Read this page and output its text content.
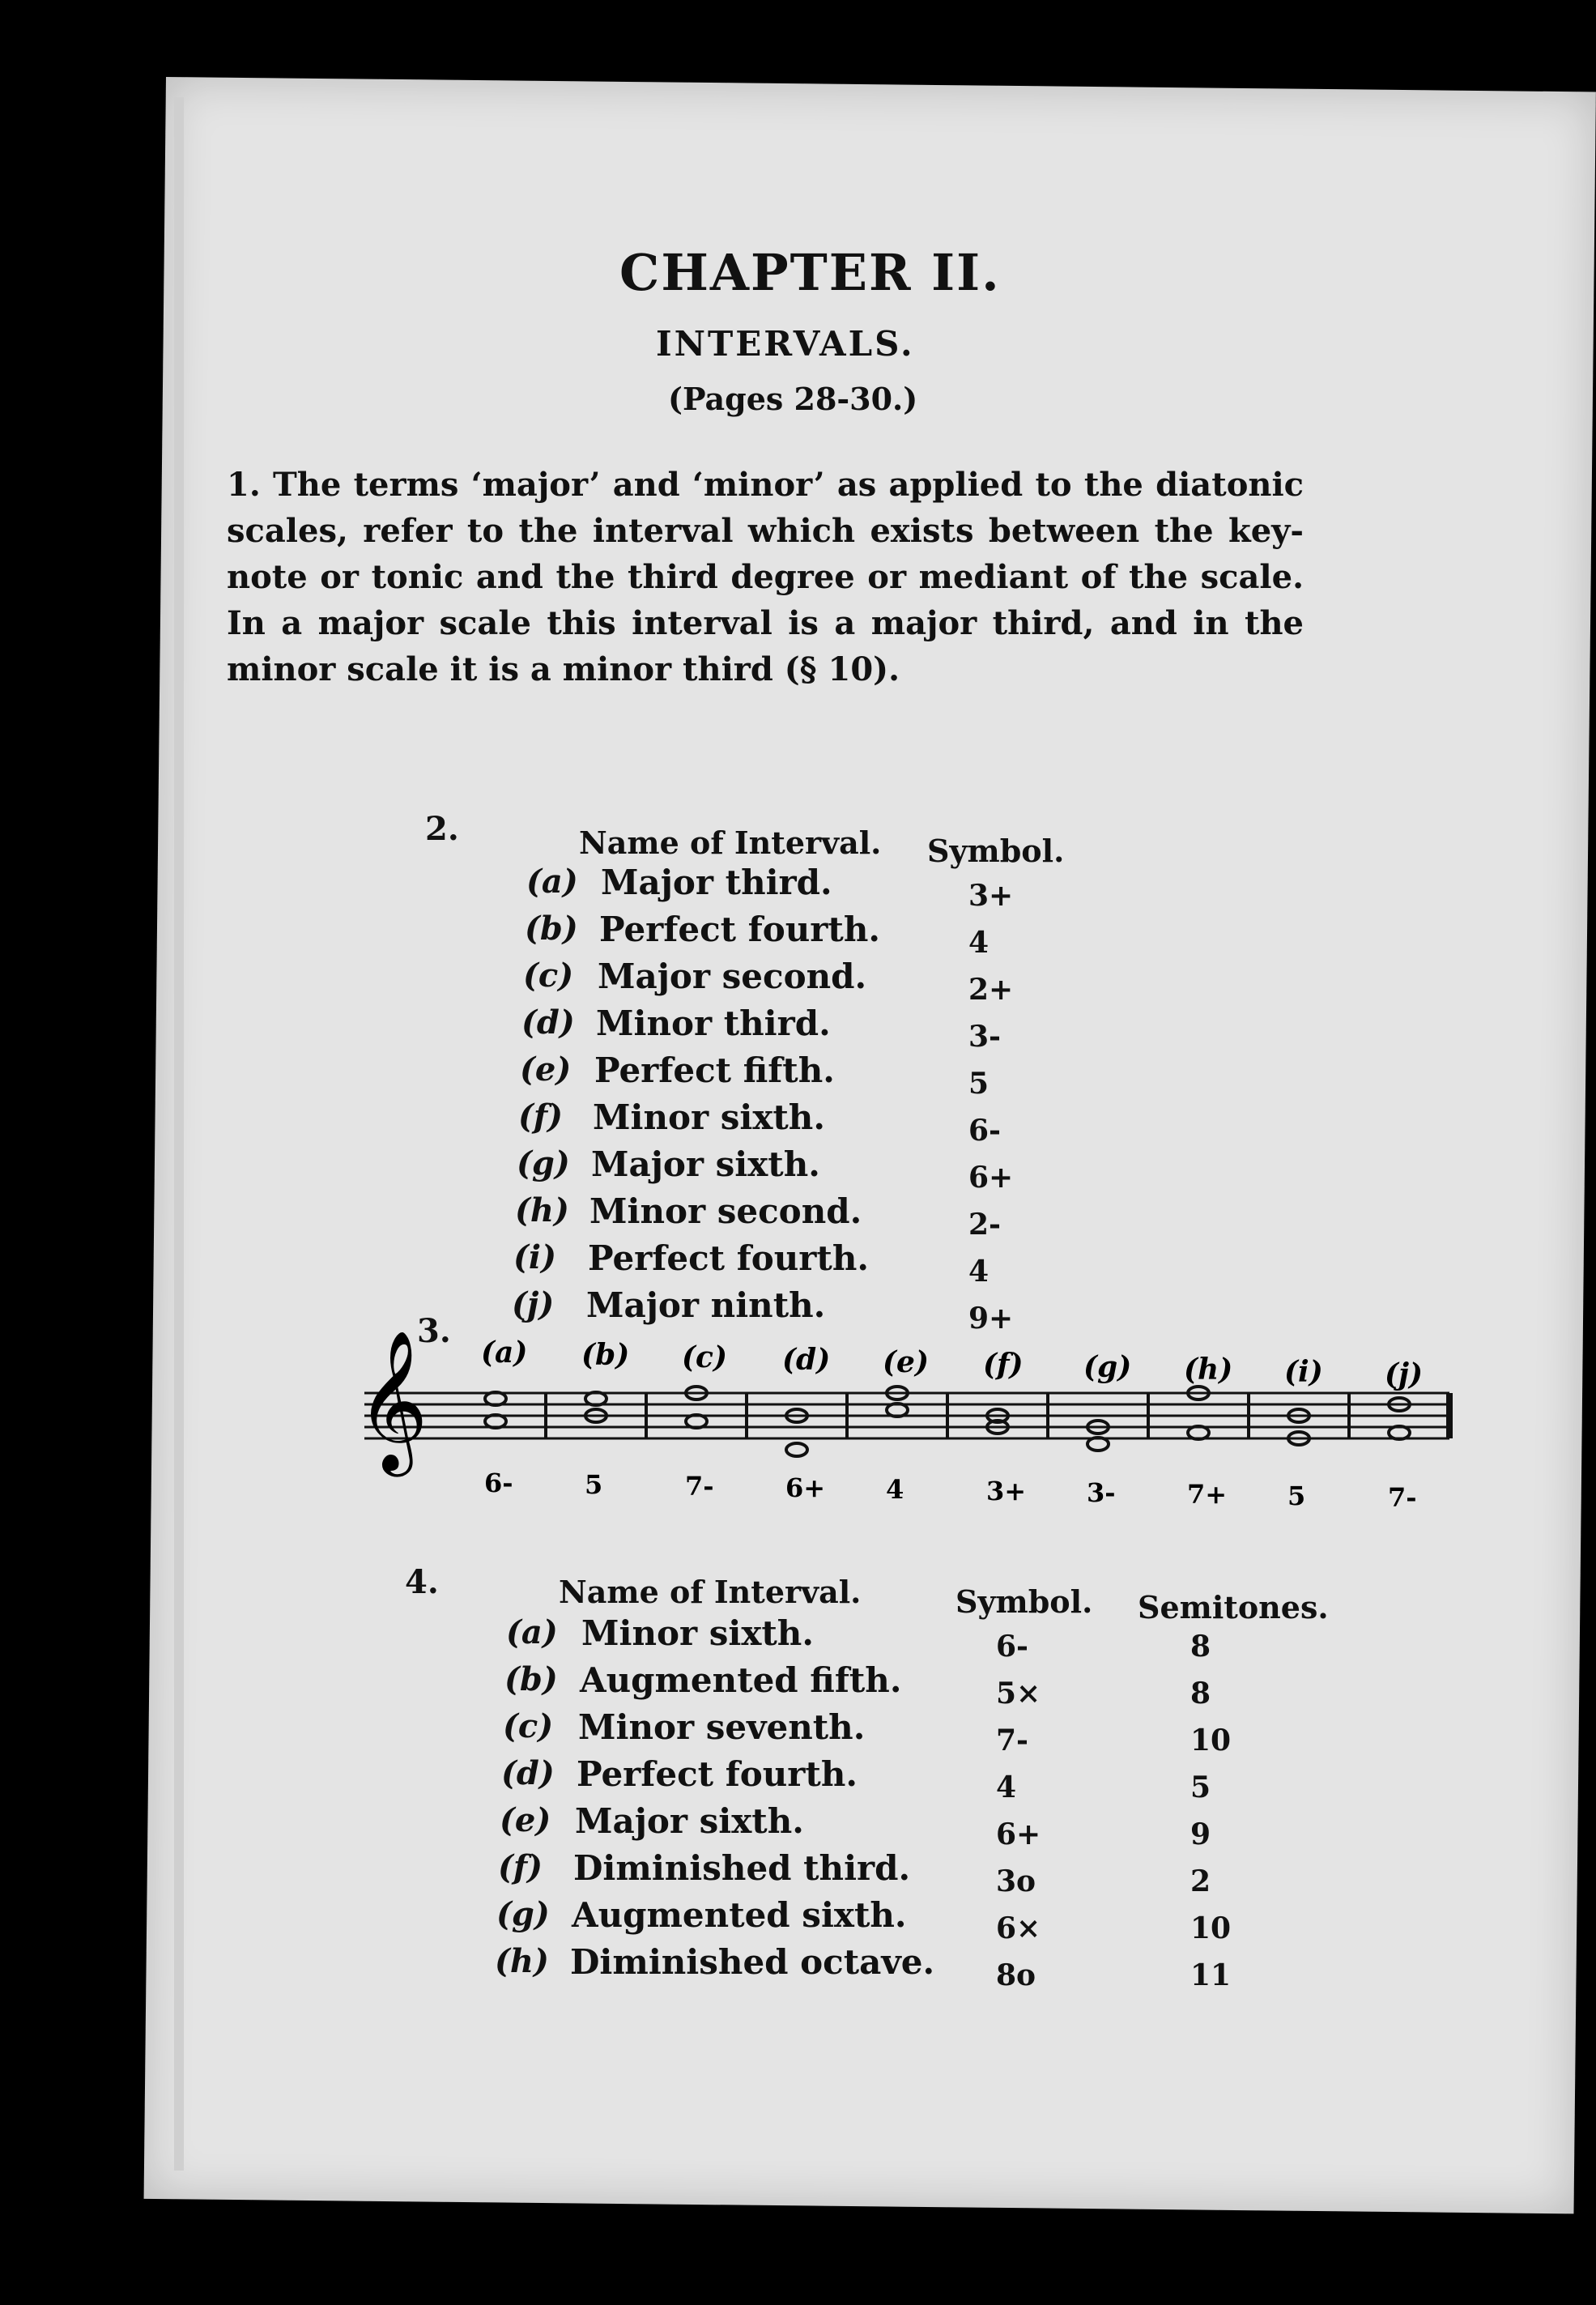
CHAPTER II.
INTERVALS.
(Pages 28-30.)
1. The terms ‘major’ and ‘minor’ as applied to the diatonic scales, refer to the interval which exists between the key-note or tonic and the third degree or mediant of the scale. In a major scale this interval is a major third, and in the minor scale it is a minor third (§ 10).
2.	Name of Interval. Symbol.
(a) Major third.	3+
(b) Perfect fourth.	4
(c) Major second.	2+
(d) Minor third.	3-
(e) Perfect fifth.	5
(f) Minor sixth.	6-
(g) Major sixth.	6+
(h) Minor second.	2-
(i) Perfect fourth.	4
(j) Major ninth.	9+
3.
(a) (b) (c) (d) (e) (f) (g) (h) (i) (j)
6-	5	7-	6+ 4	3+ 3-	7+ 5	7-
𝄞
4.	Name of Interval.	Symbol. Semitones.
(a) Minor sixth.	6-	8
(b) Augmented fifth.	5×	8
(c) Minor seventh.	7-	10
(d) Perfect fourth.	4	5
(e) Major sixth.	6+	9
(f) Diminished third.	3o	2
(g) Augmented sixth.	6×	10
(h) Diminished octave. 8o	11
